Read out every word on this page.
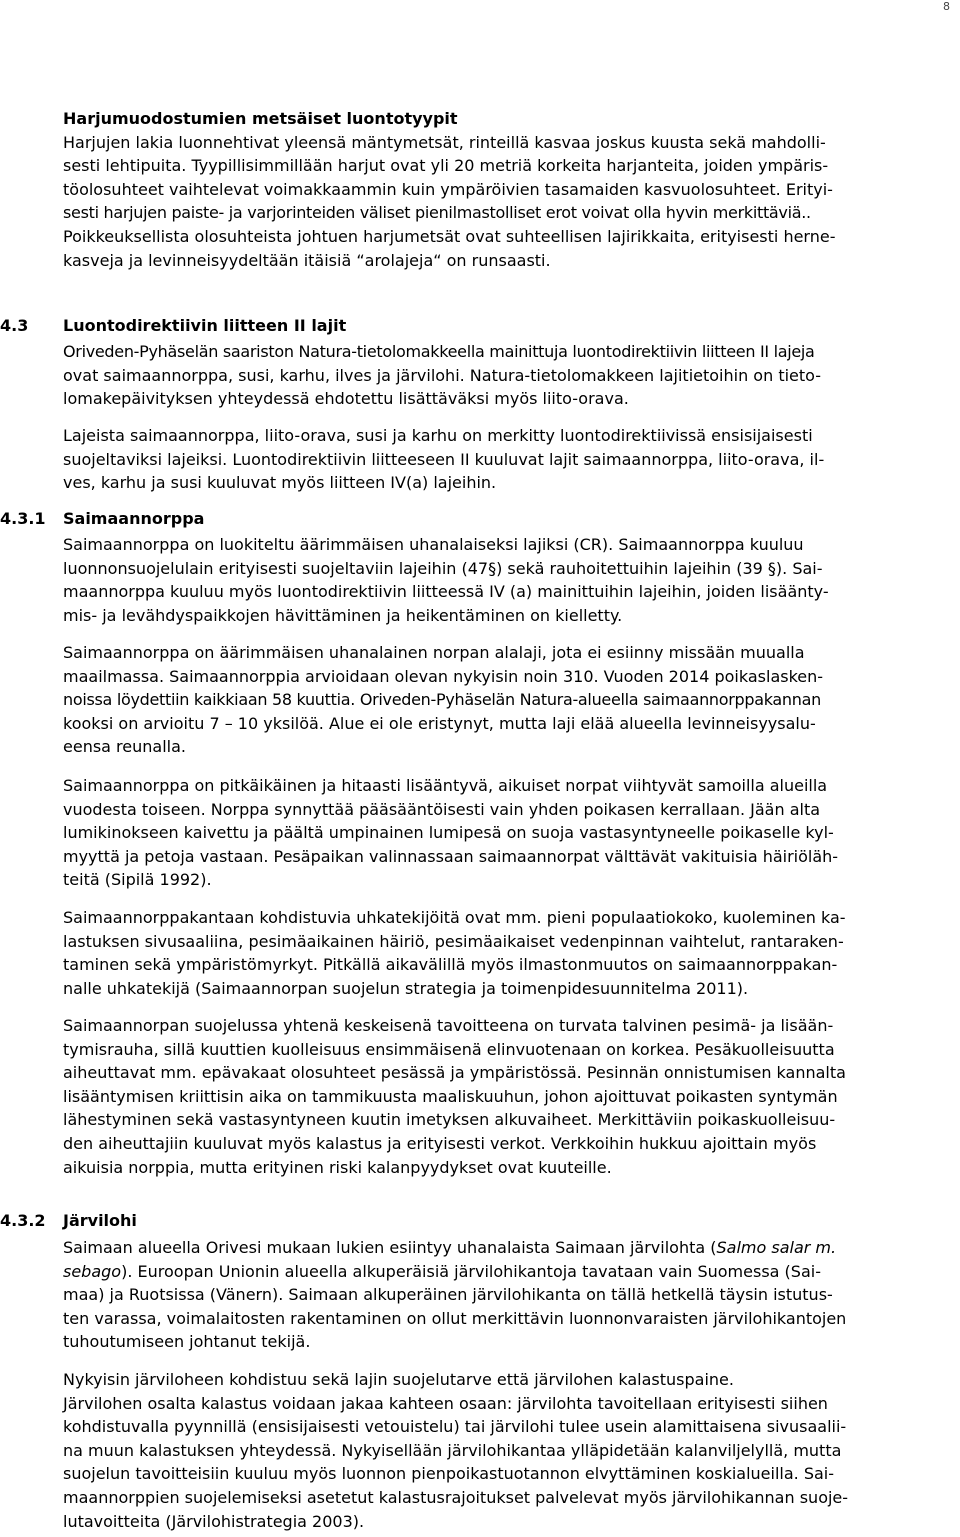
8
Harjumuodostumien metsäiset luontotyypit
Harjujen lakia luonnehtivat yleensä mäntymetsät, rinteillä kasvaa joskus kuusta sekä mahdolli-
sesti lehtipuita. Tyypillisimmillään harjut ovat yli 20 metriä korkeita harjanteita, joiden ympäris-
töolosuhteet vaihtelevat voimakkaammin kuin ympäröivien tasamaiden kasvuolosuhteet. Erityi-
sesti harjujen paiste- ja varjorinteiden väliset pienilmastolliset erot voivat olla hyvin merkittäviä..
Poikkeuksellista olosuhteista johtuen harjumetsät ovat suhteellisen lajirikkaita, erityisesti herne-
kasveja ja levinneisyydeltään itäisiä “arolajeja“ on runsaasti.
4.3 Luontodirektiivin liitteen II lajit
Oriveden-Pyhäselän saariston Natura-tietolomakkeella mainittuja luontodirektiivin liitteen II lajeja
ovat saimaannorppa, susi, karhu, ilves ja järvilohi. Natura-tietolomakkeen lajitietoihin on tieto-
lomakepäivityksen yhteydessä ehdotettu lisättäväksi myös liito-orava.
Lajeista saimaannorppa, liito-orava, susi ja karhu on merkitty luontodirektiivissä ensisijaisesti
suojeltaviksi lajeiksi. Luontodirektiivin liitteeseen II kuuluvat lajit saimaannorppa, liito-orava, il-
ves, karhu ja susi kuuluvat myös liitteen IV(a) lajeihin.
4.3.1 Saimaannorppa
Saimaannorppa on luokiteltu äärimmäisen uhanalaiseksi lajiksi (CR). Saimaannorppa kuuluu
luonnonsuojelulain erityisesti suojeltaviin lajeihin (47§) sekä rauhoitettuihin lajeihin (39 §). Sai-
maannorppa kuuluu myös luontodirektiivin liitteessä IV (a) mainittuihin lajeihin, joiden lisäänty-
mis- ja levähdyspaikkojen hävittäminen ja heikentäminen on kielletty.
Saimaannorppa on äärimmäisen uhanalainen norpan alalaji, jota ei esiinny missään muualla
maailmassa. Saimaannorppia arvioidaan olevan nykyisin noin 310. Vuoden 2014 poikaslasken-
noissa löydettiin kaikkiaan 58 kuuttia. Oriveden-Pyhäselän Natura-alueella saimaannorppakannan
kooksi on arvioitu 7 – 10 yksilöä. Alue ei ole eristynyt, mutta laji elää alueella levinneisyysalu-
eensa reunalla.
Saimaannorppa on pitkäikäinen ja hitaasti lisääntyvä, aikuiset norpat viihtyvät samoilla alueilla
vuodesta toiseen. Norppa synnyttää pääsääntöisesti vain yhden poikasen kerrallaan. Jään alta
lumikinokseen kaivettu ja päältä umpinainen lumipesä on suoja vastasyntyneelle poikaselle kyl-
myyttä ja petoja vastaan. Pesäpaikan valinnassaan saimaannorpat välttävät vakituisia häiriöläh-
teitä (Sipilä 1992).
Saimaannorppakantaan kohdistuvia uhkatekijöitä ovat mm. pieni populaatiokoko, kuoleminen ka-
lastuksen sivusaaliina, pesimäaikainen häiriö, pesimäaikaiset vedenpinnan vaihtelut, rantaraken-
taminen sekä ympäristömyrkyt. Pitkällä aikavälillä myös ilmastonmuutos on saimaannorppakan-
nalle uhkatekijä (Saimaannorpan suojelun strategia ja toimenpidesuunnitelma 2011).
Saimaannorpan suojelussa yhtenä keskeisenä tavoitteena on turvata talvinen pesimä- ja lisään-
tymisrauha, sillä kuuttien kuolleisuus ensimmäisenä elinvuotenaan on korkea. Pesäkuolleisuutta
aiheuttavat mm. epävakaat olosuhteet pesässä ja ympäristössä. Pesinnän onnistumisen kannalta
lisääntymisen kriittisin aika on tammikuusta maaliskuuhun, johon ajoittuvat poikasten syntymän
lähestyminen sekä vastasyntyneen kuutin imetyksen alkuvaiheet. Merkittäviin poikaskuolleisuu-
den aiheuttajiin kuuluvat myös kalastus ja erityisesti verkot. Verkkoihin hukkuu ajoittain myös
aikuisia norppia, mutta erityinen riski kalanpyydykset ovat kuuteille.
4.3.2 Järvilohi
Saimaan alueella Orivesi mukaan lukien esiintyy uhanalaista Saimaan järvilohta (Salmo salar m.
sebago). Euroopan Unionin alueella alkuperäisiä järvilohikantoja tavataan vain Suomessa (Sai-
maa) ja Ruotsissa (Vänern). Saimaan alkuperäinen järvilohikanta on tällä hetkellä täysin istutus-
ten varassa, voimalaitosten rakentaminen on ollut merkittävin luonnonvaraisten järvilohikantojen
tuhoutumiseen johtanut tekijä.
Nykyisin järviloheen kohdistuu sekä lajin suojelutarve että järvilohen kalastuspaine.
Järvilohen osalta kalastus voidaan jakaa kahteen osaan: järvilohta tavoitellaan erityisesti siihen
kohdistuvalla pyynnillä (ensisijaisesti vetouistelu) tai järvilohi tulee usein alamittaisena sivusaalii-
na muun kalastuksen yhteydessä. Nykyisellään järvilohikantaa ylläpidetään kalanviljelyllä, mutta
suojelun tavoitteisiin kuuluu myös luonnon pienpoikastuotannon elvyttäminen koskialueilla. Sai-
maannorppien suojelemiseksi asetetut kalastusrajoitukset palvelevat myös järvilohikannan suoje-
lutavoitteita (Järvilohistrategia 2003).
